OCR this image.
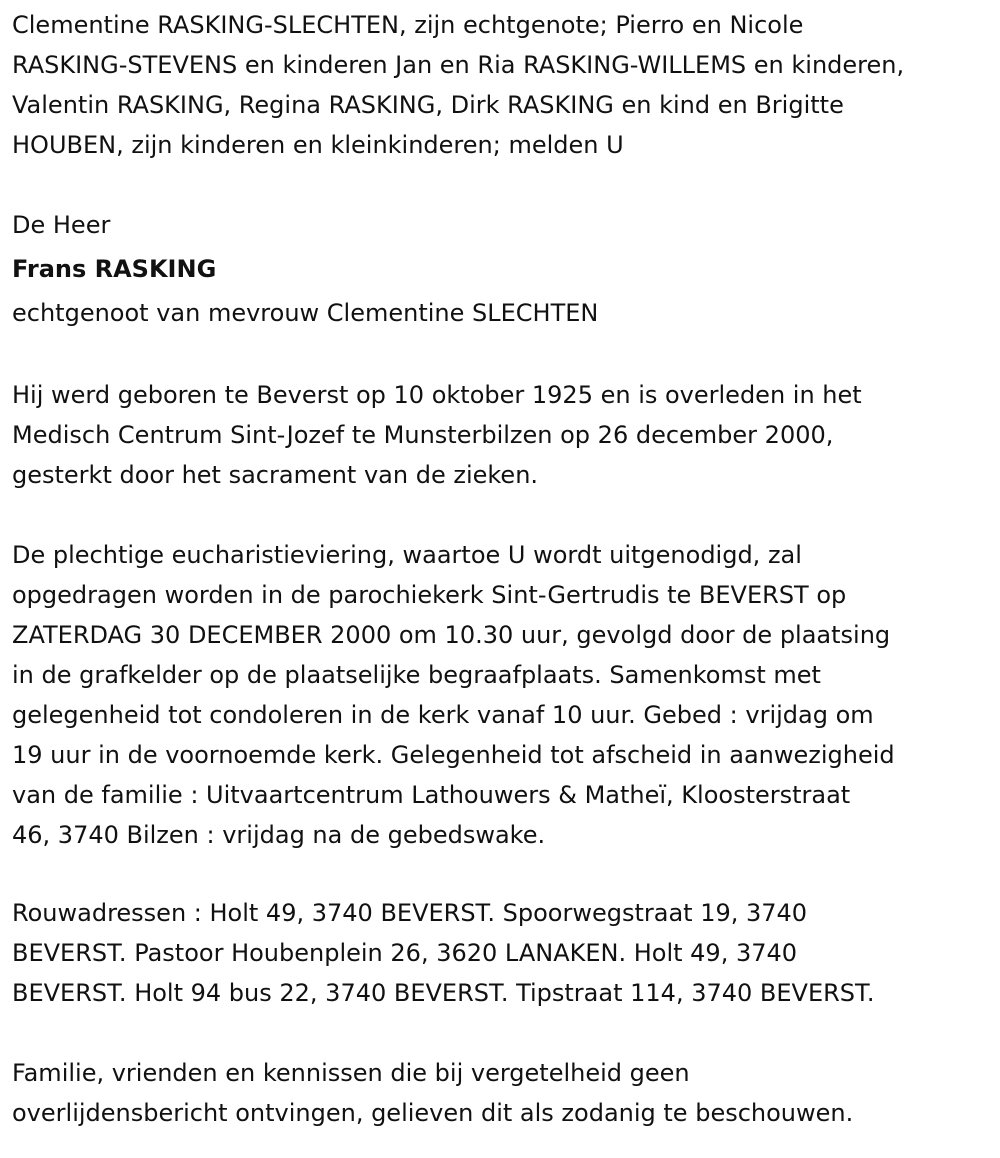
Clementine RASKING-SLECHTEN, zijn echtgenote; Pierro en Nicole
RASKING-STEVENS en kinderen Jan en Ria RASKING-WILLEMS en kinderen,
Valentin RASKING, Regina RASKING, Dirk RASKING en kind en Brigitte
HOUBEN, zijn kinderen en kleinkinderen; melden U
De Heer
Frans RASKING
echtgenoot van mevrouw Clementine SLECHTEN
Hij werd geboren te Beverst op 10 oktober 1925 en is overleden in het
Medisch Centrum Sint-Jozef te Munsterbilzen op 26 december 2000,
gesterkt door het sacrament van de zieken.
De plechtige eucharistieviering, waartoe U wordt uitgenodigd, zal
opgedragen worden in de parochiekerk Sint-Gertrudis te BEVERST op
ZATERDAG 30 DECEMBER 2000 om 10.30 uur, gevolgd door de plaatsing
in de grafkelder op de plaatselijke begraafplaats. Samenkomst met
gelegenheid tot condoleren in de kerk vanaf 10 uur. Gebed : vrijdag om
19 uur in de voornoemde kerk. Gelegenheid tot afscheid in aanwezigheid
van de familie : Uitvaartcentrum Lathouwers & Matheï, Kloosterstraat
46, 3740 Bilzen : vrijdag na de gebedswake.
Rouwadressen : Holt 49, 3740 BEVERST. Spoorwegstraat 19, 3740
BEVERST. Pastoor Houbenplein 26, 3620 LANAKEN. Holt 49, 3740
BEVERST. Holt 94 bus 22, 3740 BEVERST. Tipstraat 114, 3740 BEVERST.
Familie, vrienden en kennissen die bij vergetelheid geen
overlijdensbericht ontvingen, gelieven dit als zodanig te beschouwen.
